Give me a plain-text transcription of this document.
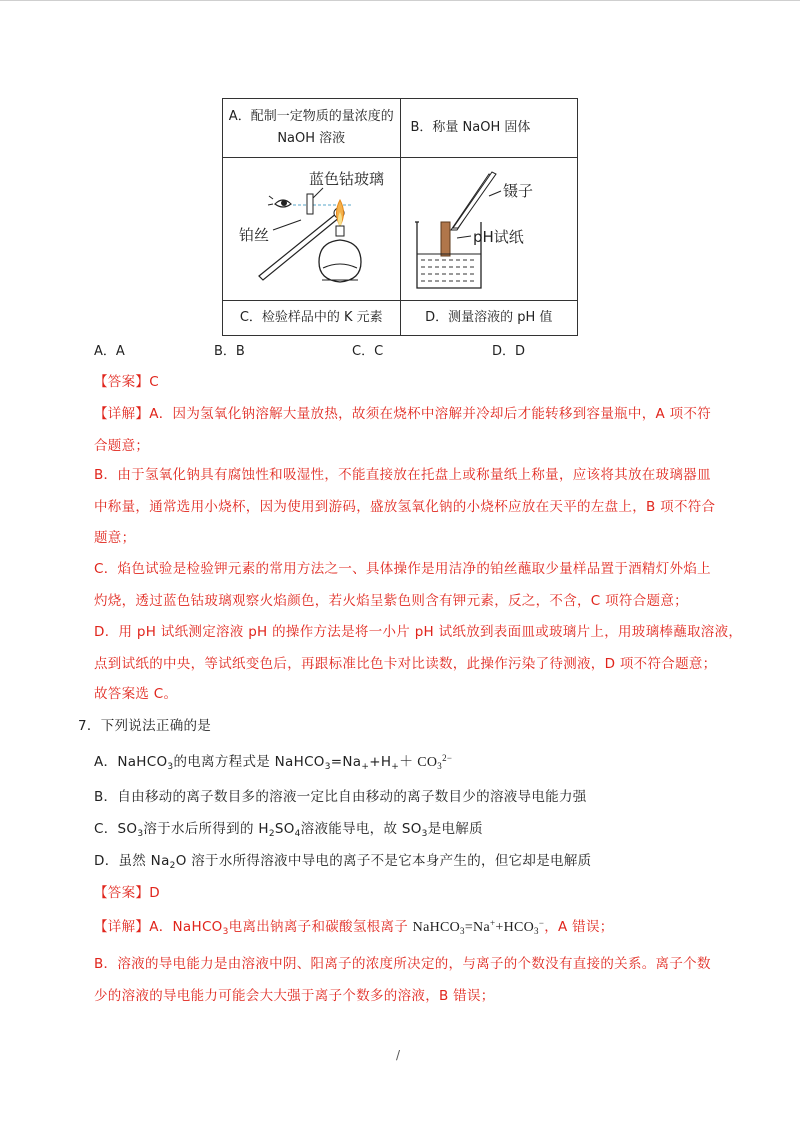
A．配制一定物质的量浓度的
NaOH 溶液	B．称量 NaOH 固体

蓝色钴玻璃
铂丝	镊子
pH试纸

C．检验样品中的 K 元素	D．测量溶液的 pH 值
A．A	B．B	C．C	D．D
【答案】C
【详解】A．因为氢氧化钠溶解大量放热，故须在烧杯中溶解并冷却后才能转移到容量瓶中，A 项不符
合题意；
B．由于氢氧化钠具有腐蚀性和吸湿性，不能直接放在托盘上或称量纸上称量，应该将其放在玻璃器皿
中称量，通常选用小烧杯，因为使用到游码，盛放氢氧化钠的小烧杯应放在天平的左盘上，B 项不符合
题意；
C．焰色试验是检验钾元素的常用方法之一、具体操作是用洁净的铂丝蘸取少量样品置于酒精灯外焰上
灼烧，透过蓝色钴玻璃观察火焰颜色，若火焰呈紫色则含有钾元素，反之，不含，C 项符合题意；
D．用 pH 试纸测定溶液 pH 的操作方法是将一小片 pH 试纸放到表面皿或玻璃片上，用玻璃棒蘸取溶液，
点到试纸的中央，等试纸变色后，再跟标准比色卡对比读数，此操作污染了待测液，D 项不符合题意；
故答案选 C。
7．下列说法正确的是
A．NaHCO$_3$的电离方程式是 $NaHCO_3=Na_++H_++ CO_3^{2-}$
B．自由移动的离子数目多的溶液一定比自由移动的离子数目少的溶液导电能力强
C．$SO_3$溶于水后所得到的 $H_2SO_4$溶液能导电，故 $SO_3$是电解质
D．虽然 $Na_2O$ 溶于水所得溶液中导电的离子不是它本身产生的，但它却是电解质
【答案】D
【详解】A．NaHCO$_3$电离出钠离子和碳酸氢根离子 $NaHCO_3=Na^++HCO_3^-$，A 错误；
B．溶液的导电能力是由溶液中阴、阳离子的浓度所决定的，与离子的个数没有直接的关系。离子个数
少的溶液的导电能力可能会大大强于离子个数多的溶液，B 错误；
/
